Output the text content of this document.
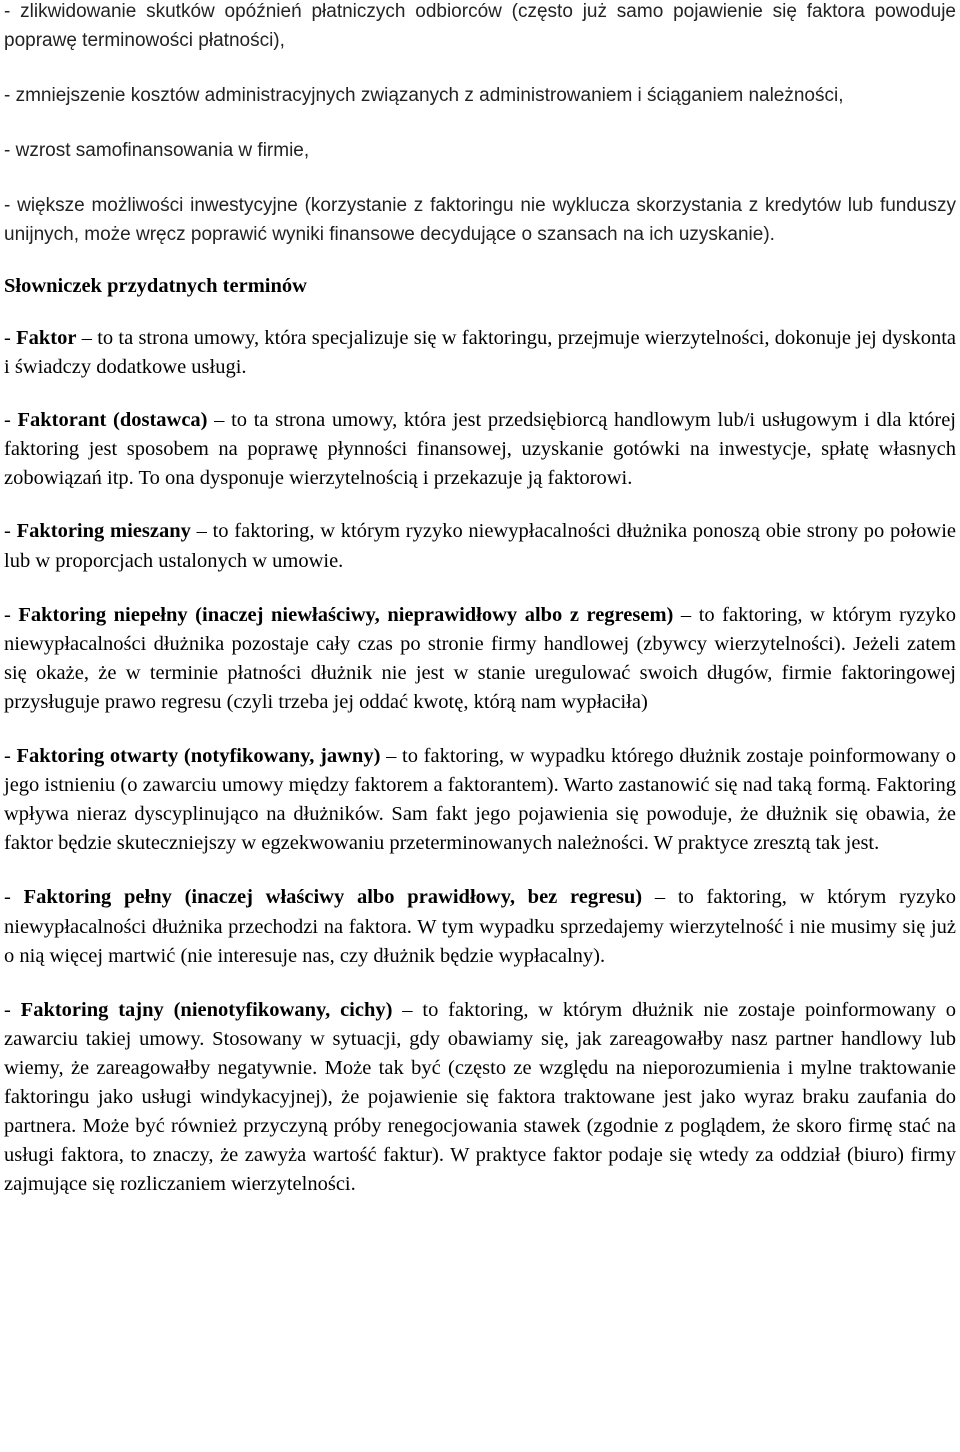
- zlikwidowanie skutków opóźnień płatniczych odbiorców (często już samo pojawienie się faktora powoduje poprawę terminowości płatności),

- zmniejszenie kosztów administracyjnych związanych z administrowaniem i ściąganiem należności,

- wzrost samofinansowania w firmie,

- większe możliwości inwestycyjne (korzystanie z faktoringu nie wyklucza skorzystania z kredytów lub funduszy unijnych, może wręcz poprawić wyniki finansowe decydujące o szansach na ich uzyskanie).

Słowniczek przydatnych terminów

- Faktor – to ta strona umowy, która specjalizuje się w faktoringu, przejmuje wierzytelności, dokonuje jej dyskonta i świadczy dodatkowe usługi.

- Faktorant (dostawca) – to ta strona umowy, która jest przedsiębiorcą handlowym lub/i usługowym i dla której faktoring jest sposobem na poprawę płynności finansowej, uzyskanie gotówki na inwestycje, spłatę własnych zobowiązań itp. To ona dysponuje wierzytelnością i przekazuje ją faktorowi.

- Faktoring mieszany – to faktoring, w którym ryzyko niewypłacalności dłużnika ponoszą obie strony po połowie lub w proporcjach ustalonych w umowie.

- Faktoring niepełny (inaczej niewłaściwy, nieprawidłowy albo z regresem) – to faktoring, w którym ryzyko niewypłacalności dłużnika pozostaje cały czas po stronie firmy handlowej (zbywcy wierzytelności). Jeżeli zatem się okaże, że w terminie płatności dłużnik nie jest w stanie uregulować swoich długów, firmie faktoringowej przysługuje prawo regresu (czyli trzeba jej oddać kwotę, którą nam wypłaciła)

- Faktoring otwarty (notyfikowany, jawny) – to faktoring, w wypadku którego dłużnik zostaje poinformowany o jego istnieniu (o zawarciu umowy między faktorem a faktorantem). Warto zastanowić się nad taką formą. Faktoring wpływa nieraz dyscyplinująco na dłużników. Sam fakt jego pojawienia się powoduje, że dłużnik się obawia, że faktor będzie skuteczniejszy w egzekwowaniu przeterminowanych należności. W praktyce zresztą tak jest.

- Faktoring pełny (inaczej właściwy albo prawidłowy, bez regresu) – to faktoring, w którym ryzyko niewypłacalności dłużnika przechodzi na faktora. W tym wypadku sprzedajemy wierzytelność i nie musimy się już o nią więcej martwić (nie interesuje nas, czy dłużnik będzie wypłacalny).

- Faktoring tajny (nienotyfikowany, cichy) – to faktoring, w którym dłużnik nie zostaje poinformowany o zawarciu takiej umowy. Stosowany w sytuacji, gdy obawiamy się, jak zareagowałby nasz partner handlowy lub wiemy, że zareagowałby negatywnie. Może tak być (często ze względu na nieporozumienia i mylne traktowanie faktoringu jako usługi windykacyjnej), że pojawienie się faktora traktowane jest jako wyraz braku zaufania do partnera. Może być również przyczyną próby renegocjowania stawek (zgodnie z poglądem, że skoro firmę stać na usługi faktora, to znaczy, że zawyża wartość faktur). W praktyce faktor podaje się wtedy za oddział (biuro) firmy zajmujące się rozliczaniem wierzytelności.
